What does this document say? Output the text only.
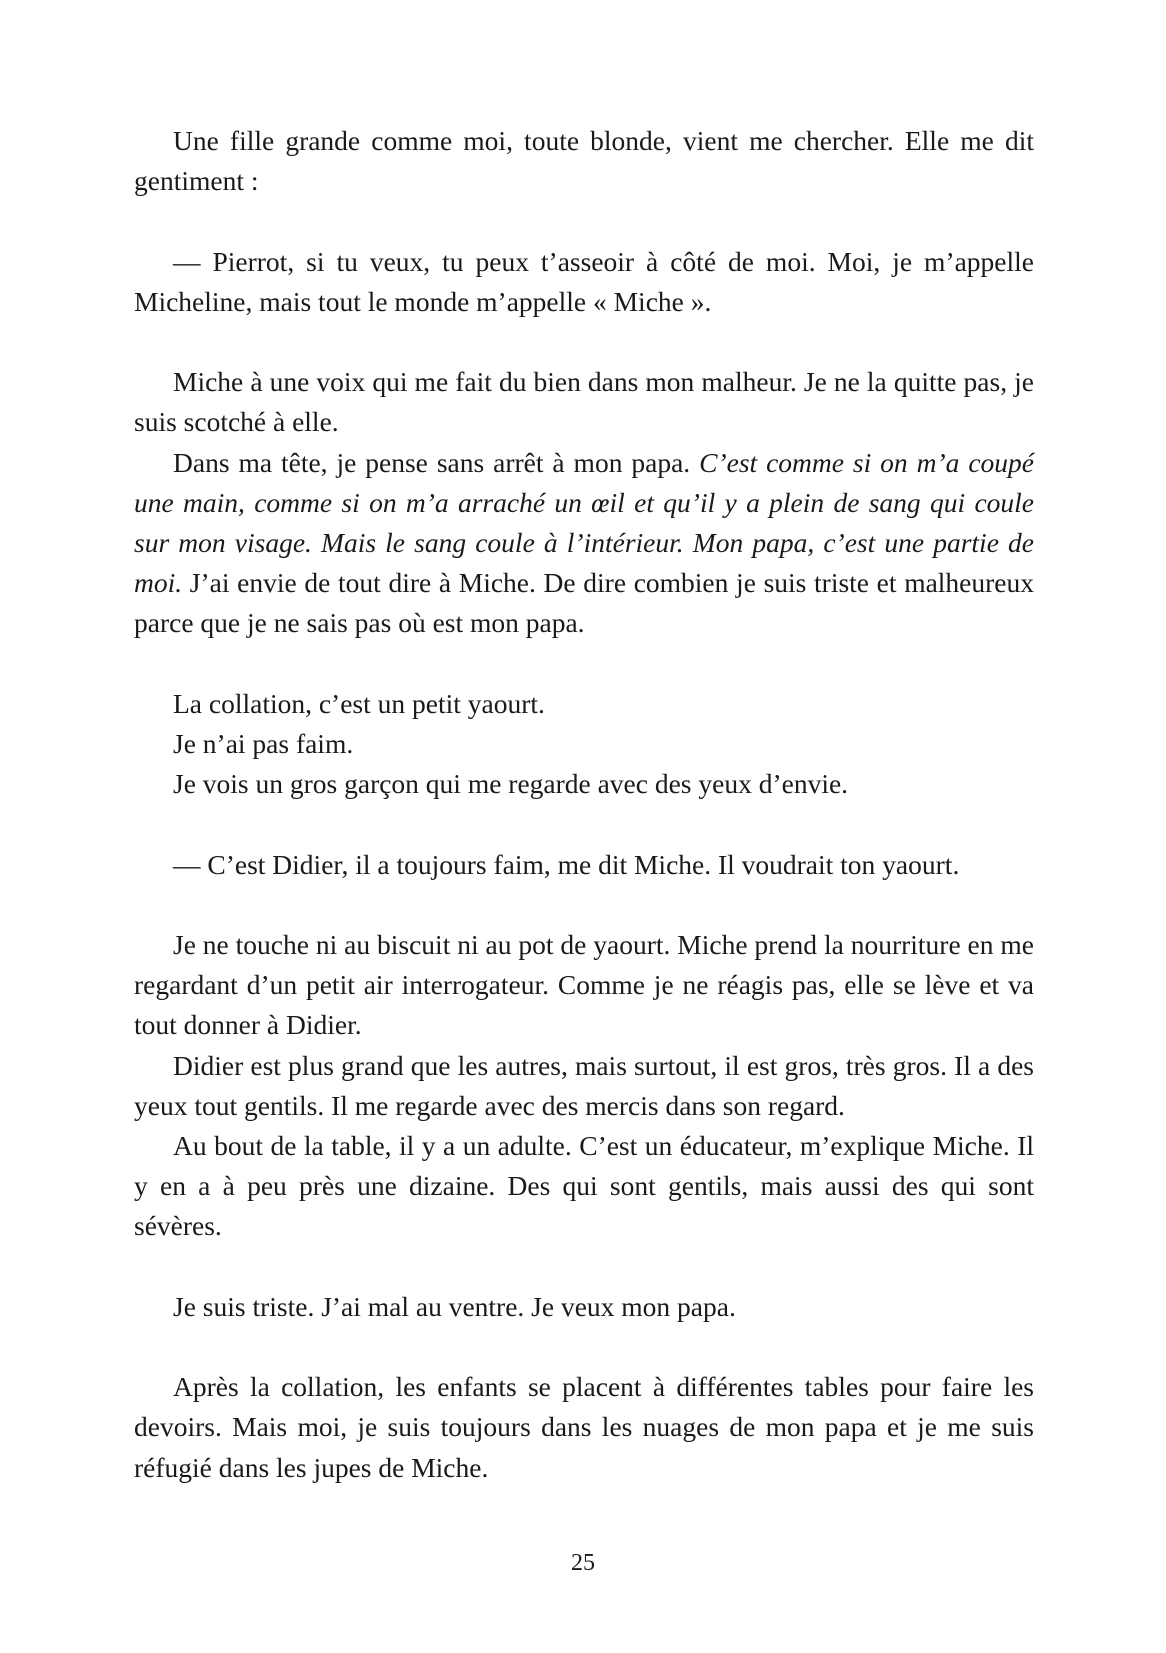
Une fille grande comme moi, toute blonde, vient me chercher. Elle me dit gentiment :

— Pierrot, si tu veux, tu peux t’asseoir à côté de moi. Moi, je m’appelle Micheline, mais tout le monde m’appelle « Miche ».

Miche à une voix qui me fait du bien dans mon malheur. Je ne la quitte pas, je suis scotché à elle.

Dans ma tête, je pense sans arrêt à mon papa. C’est comme si on m’a coupé une main, comme si on m’a arraché un œil et qu’il y a plein de sang qui coule sur mon visage. Mais le sang coule à l’intérieur. Mon papa, c’est une partie de moi. J’ai envie de tout dire à Miche. De dire combien je suis triste et malheureux parce que je ne sais pas où est mon papa.

La collation, c’est un petit yaourt.

Je n’ai pas faim.

Je vois un gros garçon qui me regarde avec des yeux d’envie.

— C’est Didier, il a toujours faim, me dit Miche. Il voudrait ton yaourt.

Je ne touche ni au biscuit ni au pot de yaourt. Miche prend la nourriture en me regardant d’un petit air interrogateur. Comme je ne réagis pas, elle se lève et va tout donner à Didier.

Didier est plus grand que les autres, mais surtout, il est gros, très gros. Il a des yeux tout gentils. Il me regarde avec des mercis dans son regard.

Au bout de la table, il y a un adulte. C’est un éducateur, m’explique Miche. Il y en a à peu près une dizaine. Des qui sont gentils, mais aussi des qui sont sévères.

Je suis triste. J’ai mal au ventre. Je veux mon papa.

Après la collation, les enfants se placent à différentes tables pour faire les devoirs. Mais moi, je suis toujours dans les nuages de mon papa et je me suis réfugié dans les jupes de Miche.

25
